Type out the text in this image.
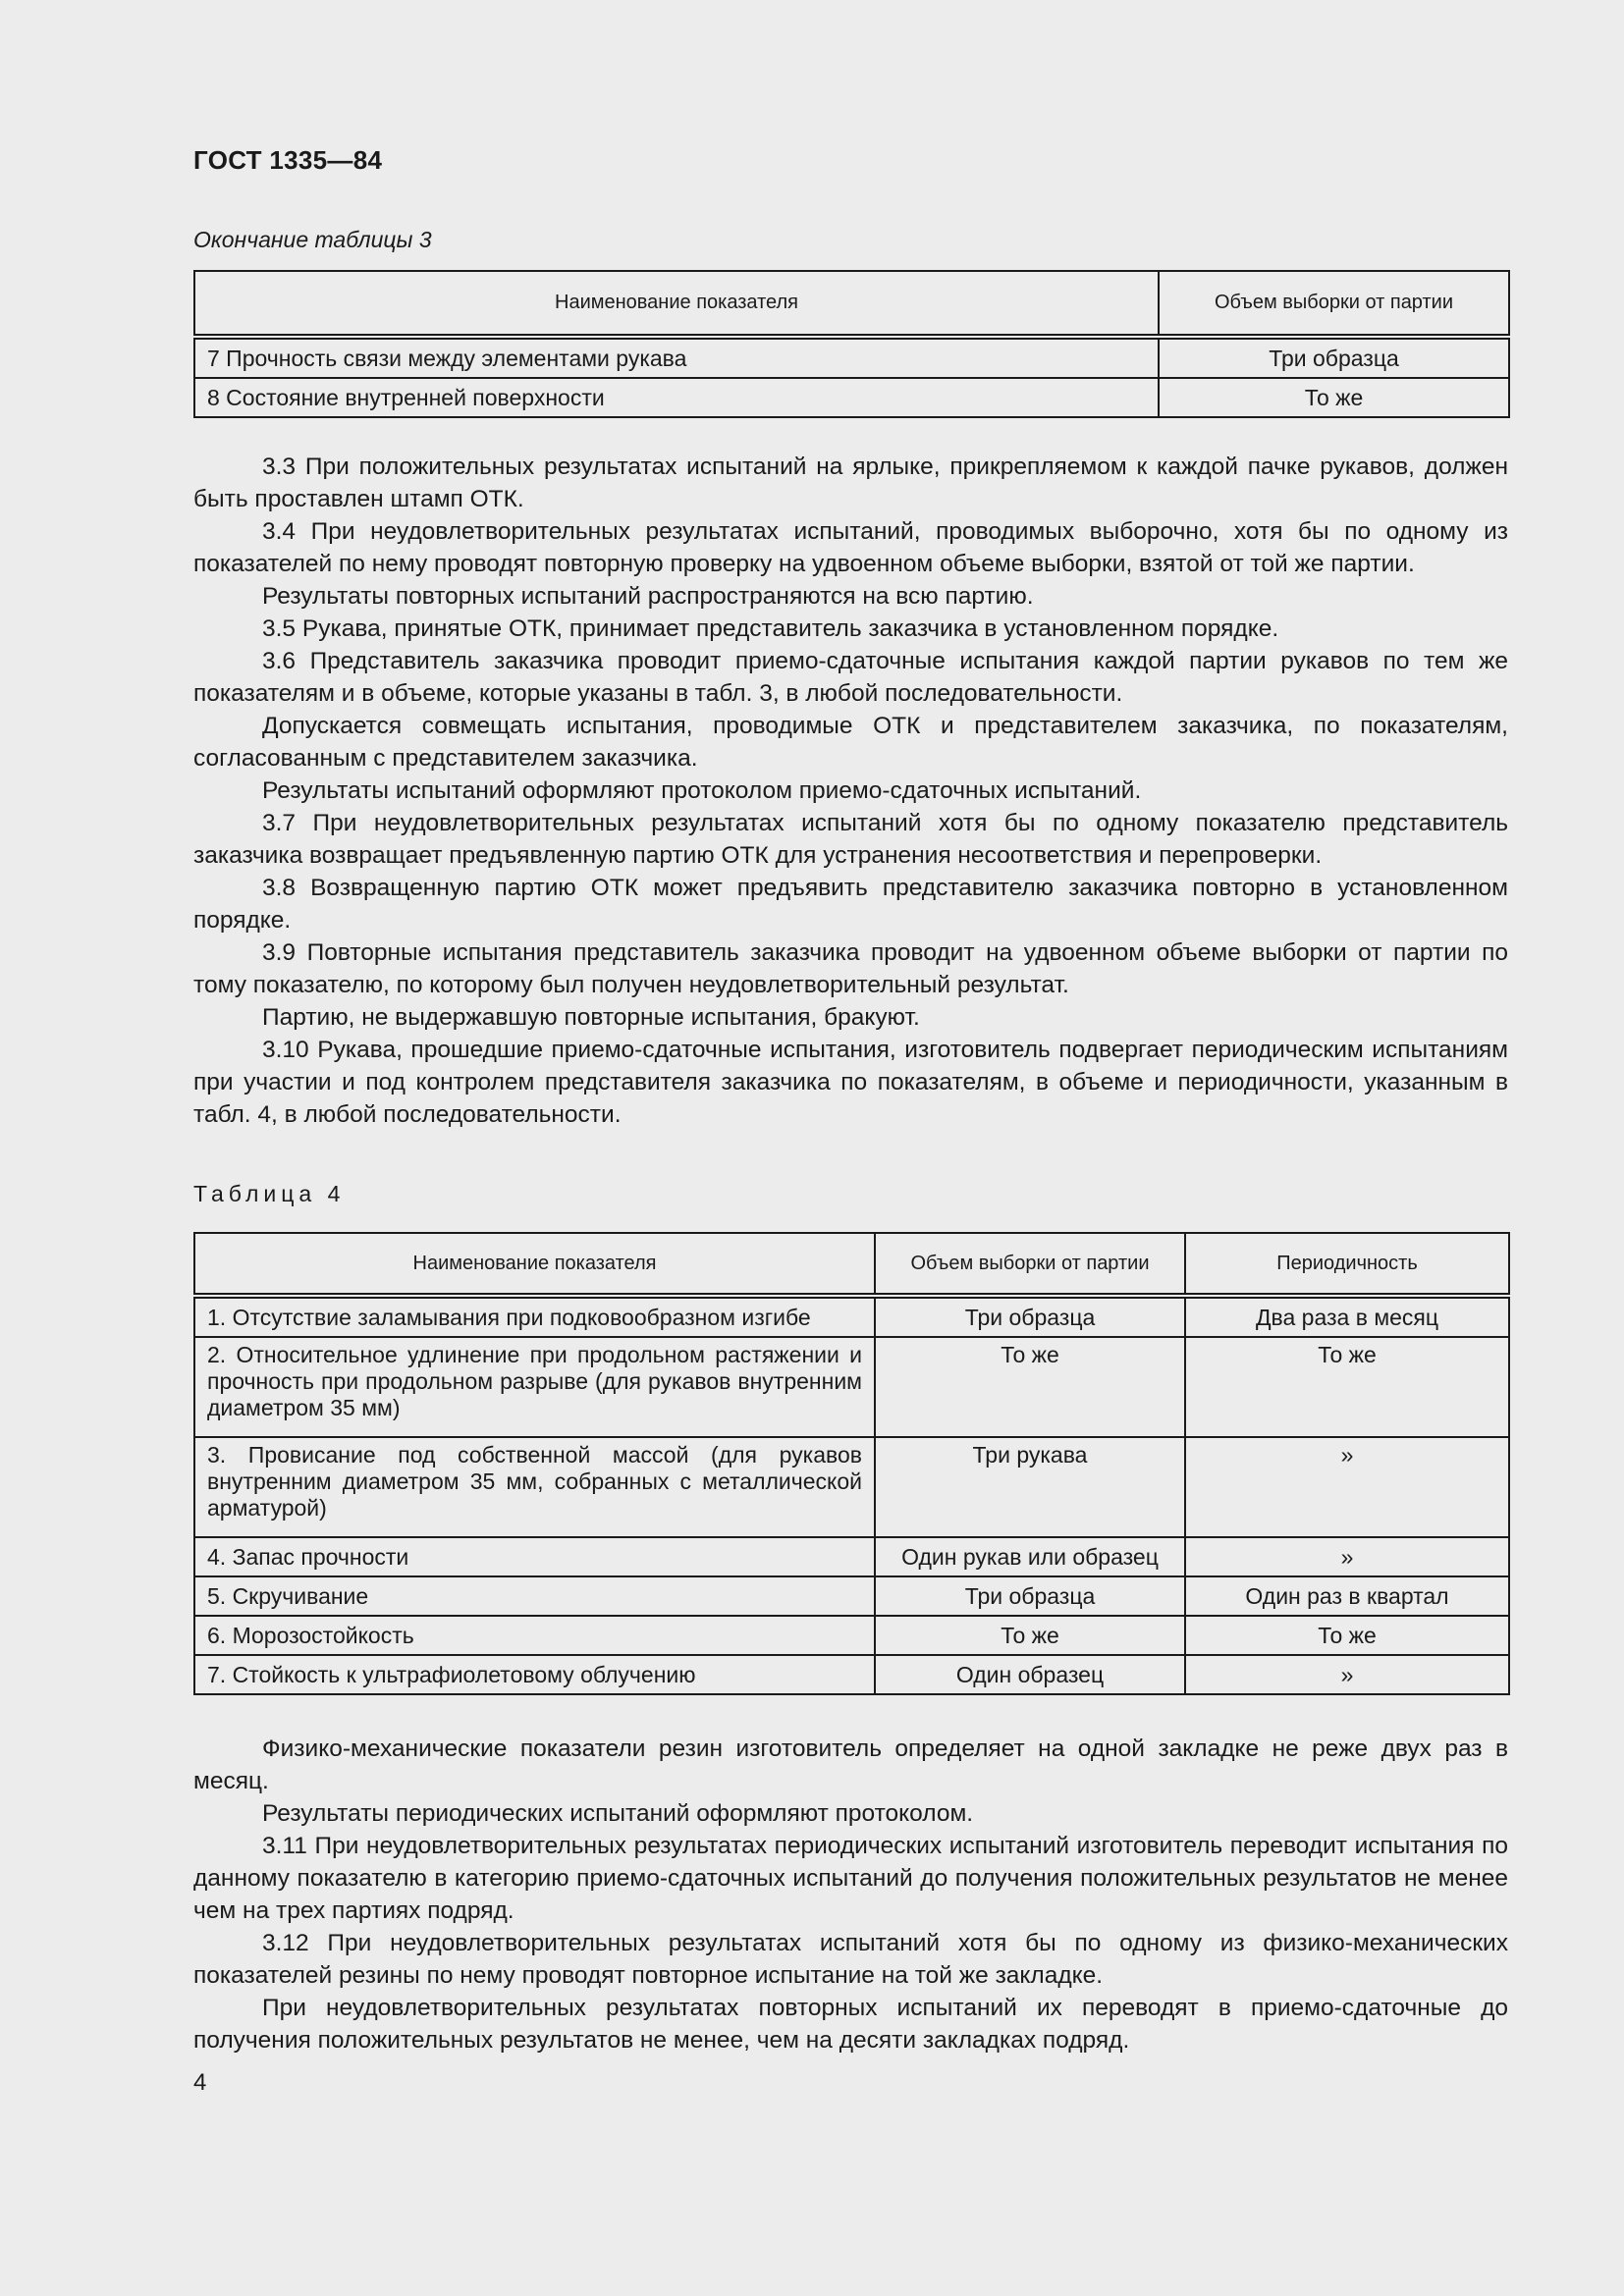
ГОСТ 1335—84
Окончание таблицы 3
Наименование показателя	Объем выборки от партии
7 Прочность связи между элементами рукава	Три образца
8 Состояние внутренней поверхности	То же

3.3 При положительных результатах испытаний на ярлыке, прикрепляемом к каждой пачке рукавов, должен быть проставлен штамп ОТК.

3.4 При неудовлетворительных результатах испытаний, проводимых выборочно, хотя бы по одному из показателей по нему проводят повторную проверку на удвоенном объеме выборки, взятой от той же партии.

Результаты повторных испытаний распространяются на всю партию.

3.5 Рукава, принятые ОТК, принимает представитель заказчика в установленном порядке.

3.6 Представитель заказчика проводит приемо-сдаточные испытания каждой партии рукавов по тем же показателям и в объеме, которые указаны в табл. 3, в любой последовательности.

Допускается совмещать испытания, проводимые ОТК и представителем заказчика, по показателям, согласованным с представителем заказчика.

Результаты испытаний оформляют протоколом приемо-сдаточных испытаний.

3.7 При неудовлетворительных результатах испытаний хотя бы по одному показателю представитель заказчика возвращает предъявленную партию ОТК для устранения несоответствия и перепроверки.

3.8 Возвращенную партию ОТК может предъявить представителю заказчика повторно в установленном порядке.

3.9 Повторные испытания представитель заказчика проводит на удвоенном объеме выборки от партии по тому показателю, по которому был получен неудовлетворительный результат.

Партию, не выдержавшую повторные испытания, бракуют.

3.10 Рукава, прошедшие приемо-сдаточные испытания, изготовитель подвергает периодическим испытаниям при участии и под контролем представителя заказчика по показателям, в объеме и периодичности, указанным в табл. 4, в любой последовательности.

Таблица 4
Наименование показателя	Объем выборки от партии	Периодичность
1. Отсутствие заламывания при подковообразном изгибе	Три образца	Два раза в месяц
2. Относительное удлинение при продольном растяжении и прочность при продольном разрыве (для рукавов внутренним диаметром 35 мм)	То же	То же
3. Провисание под собственной массой (для рукавов внутренним диаметром 35 мм, собранных с металлической арматурой)	Три рукава	»
4. Запас прочности	Один рукав или образец	»
5. Скручивание	Три образца	Один раз в квартал
6. Морозостойкость	То же	То же
7. Стойкость к ультрафиолетовому облучению	Один образец	»

Физико-механические показатели резин изготовитель определяет на одной закладке не реже двух раз в месяц.

Результаты периодических испытаний оформляют протоколом.

3.11 При неудовлетворительных результатах периодических испытаний изготовитель переводит испытания по данному показателю в категорию приемо-сдаточных испытаний до получения положительных результатов не менее чем на трех партиях подряд.

3.12 При неудовлетворительных результатах испытаний хотя бы по одному из физико-механических показателей резины по нему проводят повторное испытание на той же закладке.

При неудовлетворительных результатах повторных испытаний их переводят в приемо-сдаточные до получения положительных результатов не менее, чем на десяти закладках подряд.

4
